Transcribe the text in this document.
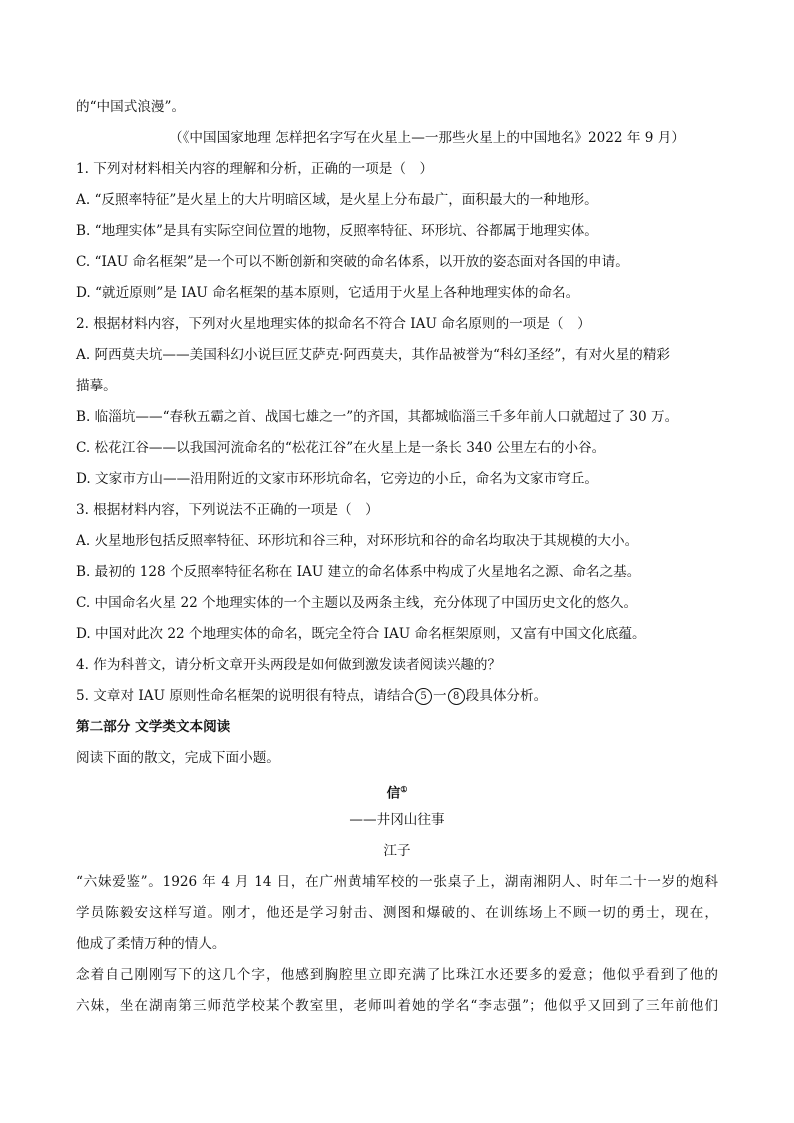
的“中国式浪漫”。
（《中国国家地理 怎样把名字写在火星上—一那些火星上的中国地名》2022 年 9 月）
1. 下列对材料相关内容的理解和分析，正确的一项是（　）
A. “反照率特征”是火星上的大片明暗区域，是火星上分布最广，面积最大的一种地形。
B. “地理实体”是具有实际空间位置的地物，反照率特征、环形坑、谷都属于地理实体。
C. “IAU 命名框架”是一个可以不断创新和突破的命名体系，以开放的姿态面对各国的申请。
D. “就近原则”是 IAU 命名框架的基本原则，它适用于火星上各种地理实体的命名。
2. 根据材料内容，下列对火星地理实体的拟命名不符合 IAU 命名原则的一项是（　）
A. 阿西莫夫坑——美国科幻小说巨匠艾萨克·阿西莫夫，其作品被誉为“科幻圣经”，有对火星的精彩
描摹。
B. 临淄坑——“春秋五霸之首、战国七雄之一”的齐国，其都城临淄三千多年前人口就超过了 30 万。
C. 松花江谷——以我国河流命名的“松花江谷”在火星上是一条长 340 公里左右的小谷。
D. 文家市方山——沿用附近的文家市环形坑命名，它旁边的小丘，命名为文家市穹丘。
3. 根据材料内容，下列说法不正确的一项是（　）
A. 火星地形包括反照率特征、环形坑和谷三种，对环形坑和谷的命名均取决于其规模的大小。
B. 最初的 128 个反照率特征名称在 IAU 建立的命名体系中构成了火星地名之源、命名之基。
C. 中国命名火星 22 个地理实体的一个主题以及两条主线，充分体现了中国历史文化的悠久。
D. 中国对此次 22 个地理实体的命名，既完全符合 IAU 命名框架原则，又富有中国文化底蕴。
4. 作为科普文，请分析文章开头两段是如何做到激发读者阅读兴趣的？
5. 文章对 IAU 原则性命名框架的说明很有特点，请结合 5 一 8 段具体分析。
第二部分 文学类文本阅读
阅读下面的散文，完成下面小题。
信①
——井冈山往事
江子
“六妹爱鉴”。1926 年 4 月 14 日，在广州黄埔军校的一张桌子上，湖南湘阴人、时年二十一岁的炮科
学员陈毅安这样写道。刚才，他还是学习射击、测图和爆破的、在训练场上不顾一切的勇士，现在，
他成了柔情万种的情人。
念着自己刚刚写下的这几个字，他感到胸腔里立即充满了比珠江水还要多的爱意；他似乎看到了他的
六妹，坐在湖南第三师范学校某个教室里，老师叫着她的学名“李志强”；他似乎又回到了三年前他们
